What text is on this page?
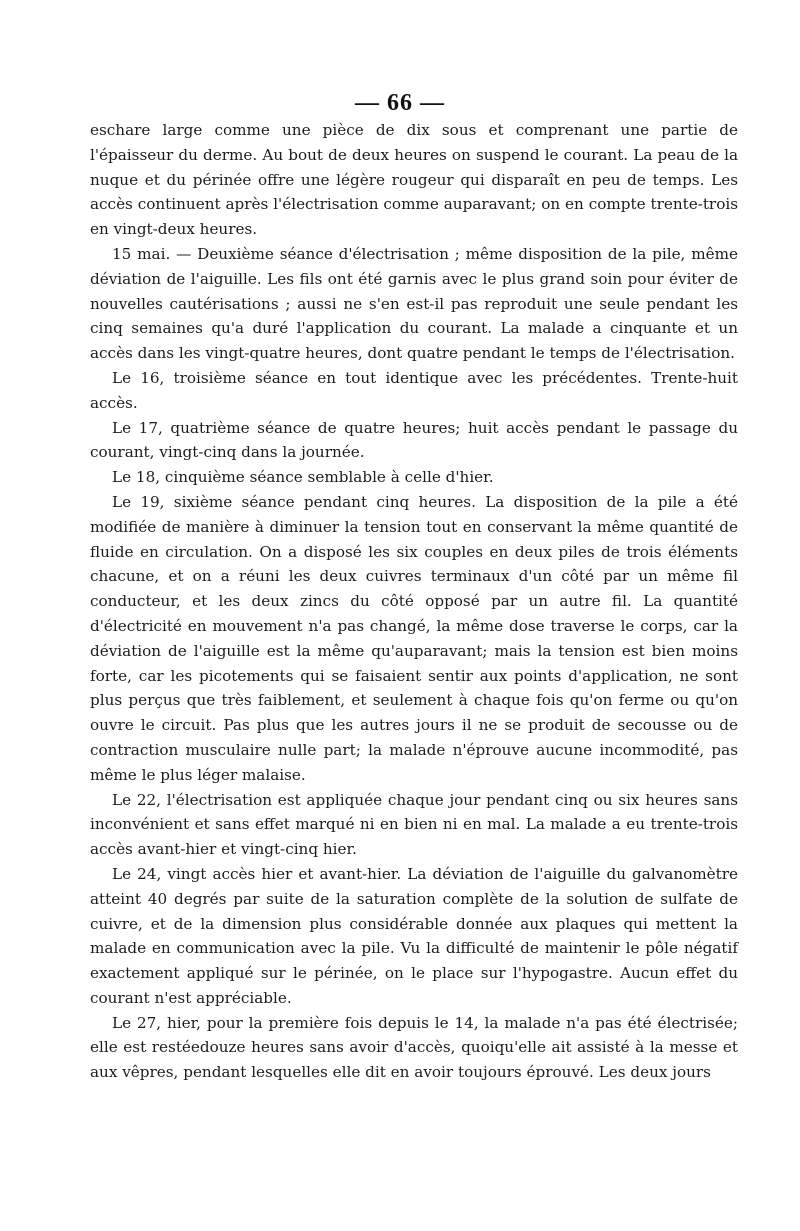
— 66 —

eschare large comme une pièce de dix sous et comprenant une partie de l'épaisseur du derme. Au bout de deux heures on suspend le courant. La peau de la nuque et du périnée offre une légère rougeur qui disparaît en peu de temps. Les accès continuent après l'électrisation comme auparavant; on en compte trente-trois en vingt-deux heures.

15 mai. — Deuxième séance d'électrisation ; même disposition de la pile, même déviation de l'aiguille. Les fils ont été garnis avec le plus grand soin pour éviter de nouvelles cautérisations ; aussi ne s'en est-il pas reproduit une seule pendant les cinq semaines qu'a duré l'application du courant. La malade a cinquante et un accès dans les vingt-quatre heures, dont quatre pendant le temps de l'électrisation.

Le 16, troisième séance en tout identique avec les précédentes. Trente-huit accès.

Le 17, quatrième séance de quatre heures; huit accès pendant le passage du courant, vingt-cinq dans la journée.

Le 18, cinquième séance semblable à celle d'hier.

Le 19, sixième séance pendant cinq heures. La disposition de la pile a été modifiée de manière à diminuer la tension tout en conservant la même quantité de fluide en circulation. On a disposé les six couples en deux piles de trois éléments chacune, et on a réuni les deux cuivres terminaux d'un côté par un même fil conducteur, et les deux zincs du côté opposé par un autre fil. La quantité d'électricité en mouvement n'a pas changé, la même dose traverse le corps, car la déviation de l'aiguille est la même qu'auparavant; mais la tension est bien moins forte, car les picotements qui se faisaient sentir aux points d'application, ne sont plus perçus que très faiblement, et seulement à chaque fois qu'on ferme ou qu'on ouvre le circuit. Pas plus que les autres jours il ne se produit de secousse ou de contraction musculaire nulle part; la malade n'éprouve aucune incommodité, pas même le plus léger malaise.

Le 22, l'électrisation est appliquée chaque jour pendant cinq ou six heures sans inconvénient et sans effet marqué ni en bien ni en mal. La malade a eu trente-trois accès avant-hier et vingt-cinq hier.

Le 24, vingt accès hier et avant-hier. La déviation de l'aiguille du galvanomètre atteint 40 degrés par suite de la saturation complète de la solution de sulfate de cuivre, et de la dimension plus considérable donnée aux plaques qui mettent la malade en communication avec la pile. Vu la difficulté de maintenir le pôle négatif exactement appliqué sur le périnée, on le place sur l'hypogastre. Aucun effet du courant n'est appréciable.

Le 27, hier, pour la première fois depuis le 14, la malade n'a pas été électrisée; elle est restéedouze heures sans avoir d'accès, quoiqu'elle ait assisté à la messe et aux vêpres, pendant lesquelles elle dit en avoir toujours éprouvé. Les deux jours
